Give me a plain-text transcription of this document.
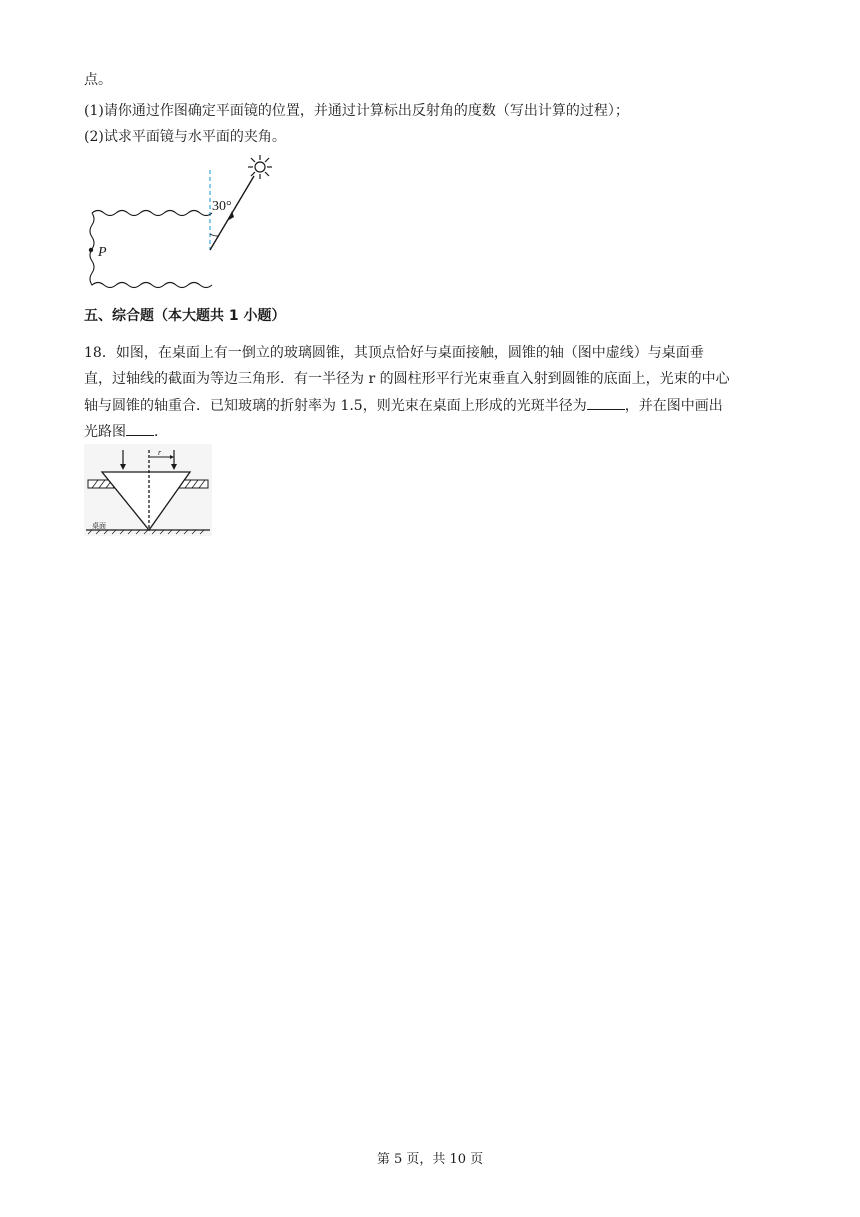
点。
(1)请你通过作图确定平面镜的位置，并通过计算标出反射角的度数（写出计算的过程）；
(2)试求平面镜与水平面的夹角。
P
30°
五、综合题（本大题共 1 小题）
18．如图，在桌面上有一倒立的玻璃圆锥，其顶点恰好与桌面接触，圆锥的轴（图中虚线）与桌面垂
直，过轴线的截面为等边三角形．有一半径为 r 的圆柱形平行光束垂直入射到圆锥的底面上，光束的中心
轴与圆锥的轴重合．已知玻璃的折射率为 1.5，则光束在桌面上形成的光斑半径为	，并在图中画出
光路图 ．
r
桌面
第 5 页，共 10 页
